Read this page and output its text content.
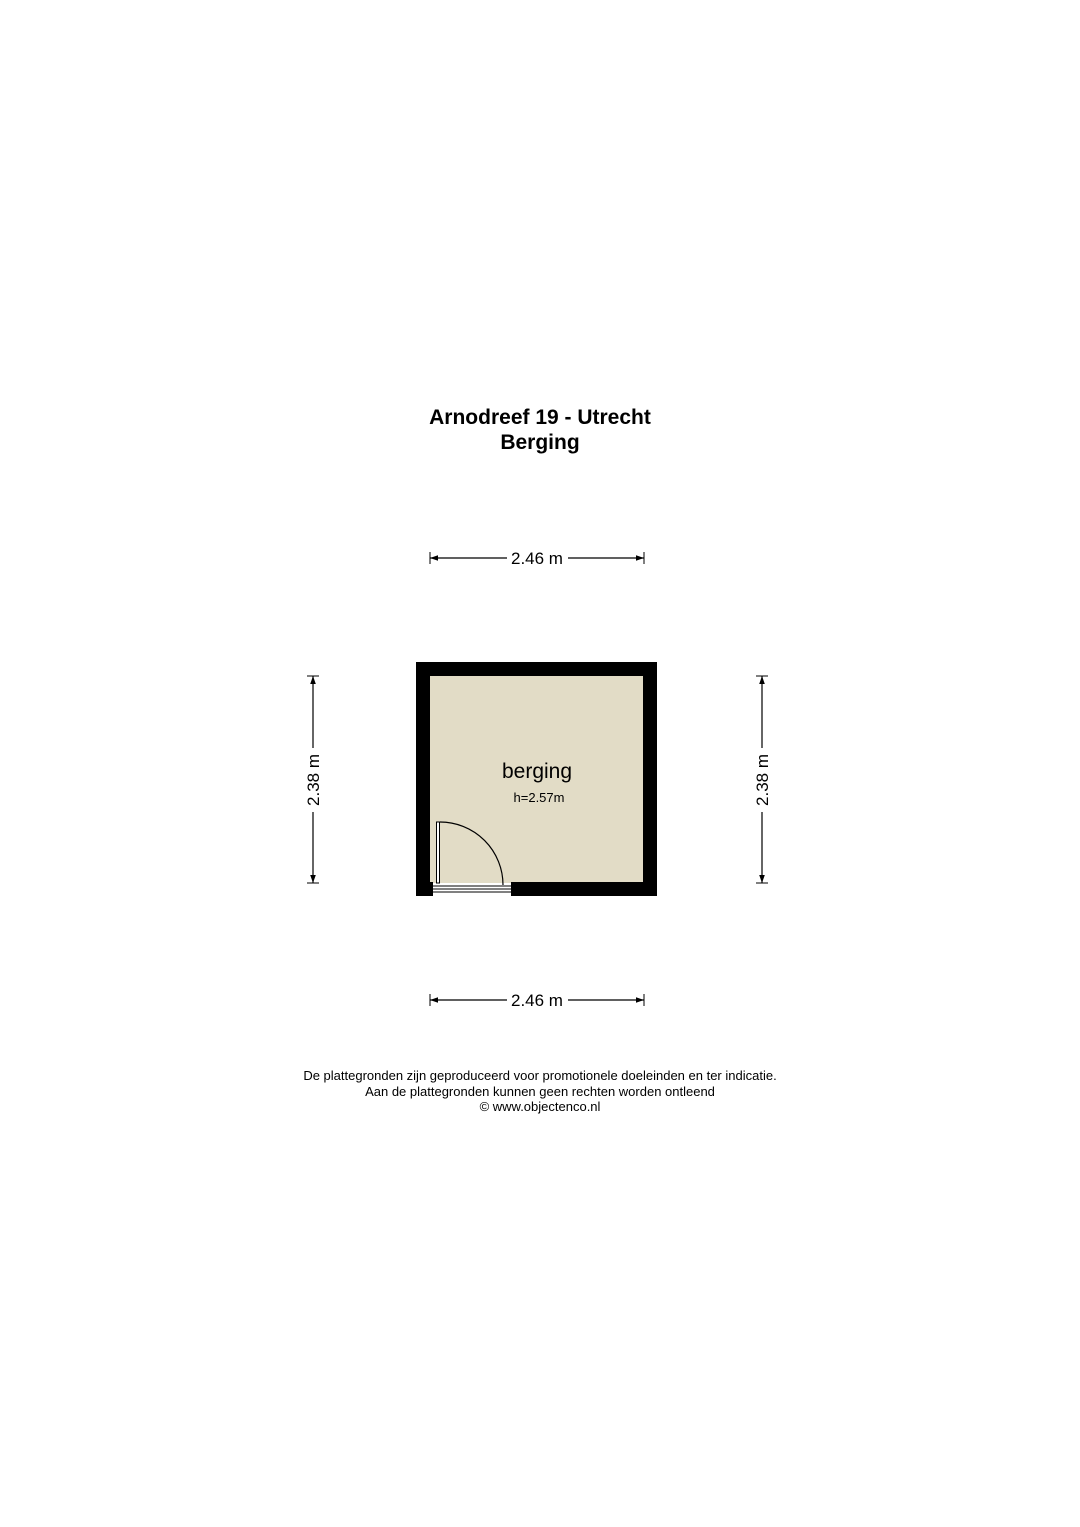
Arnodreef 19 - Utrecht
Berging
berging
h=2.57m
2.46 m
2.46 m
2.38 m	2.38 m
De plattegronden zijn geproduceerd voor promotionele doeleinden en ter indicatie.
Aan de plattegronden kunnen geen rechten worden ontleend
© www.objectenco.nl
